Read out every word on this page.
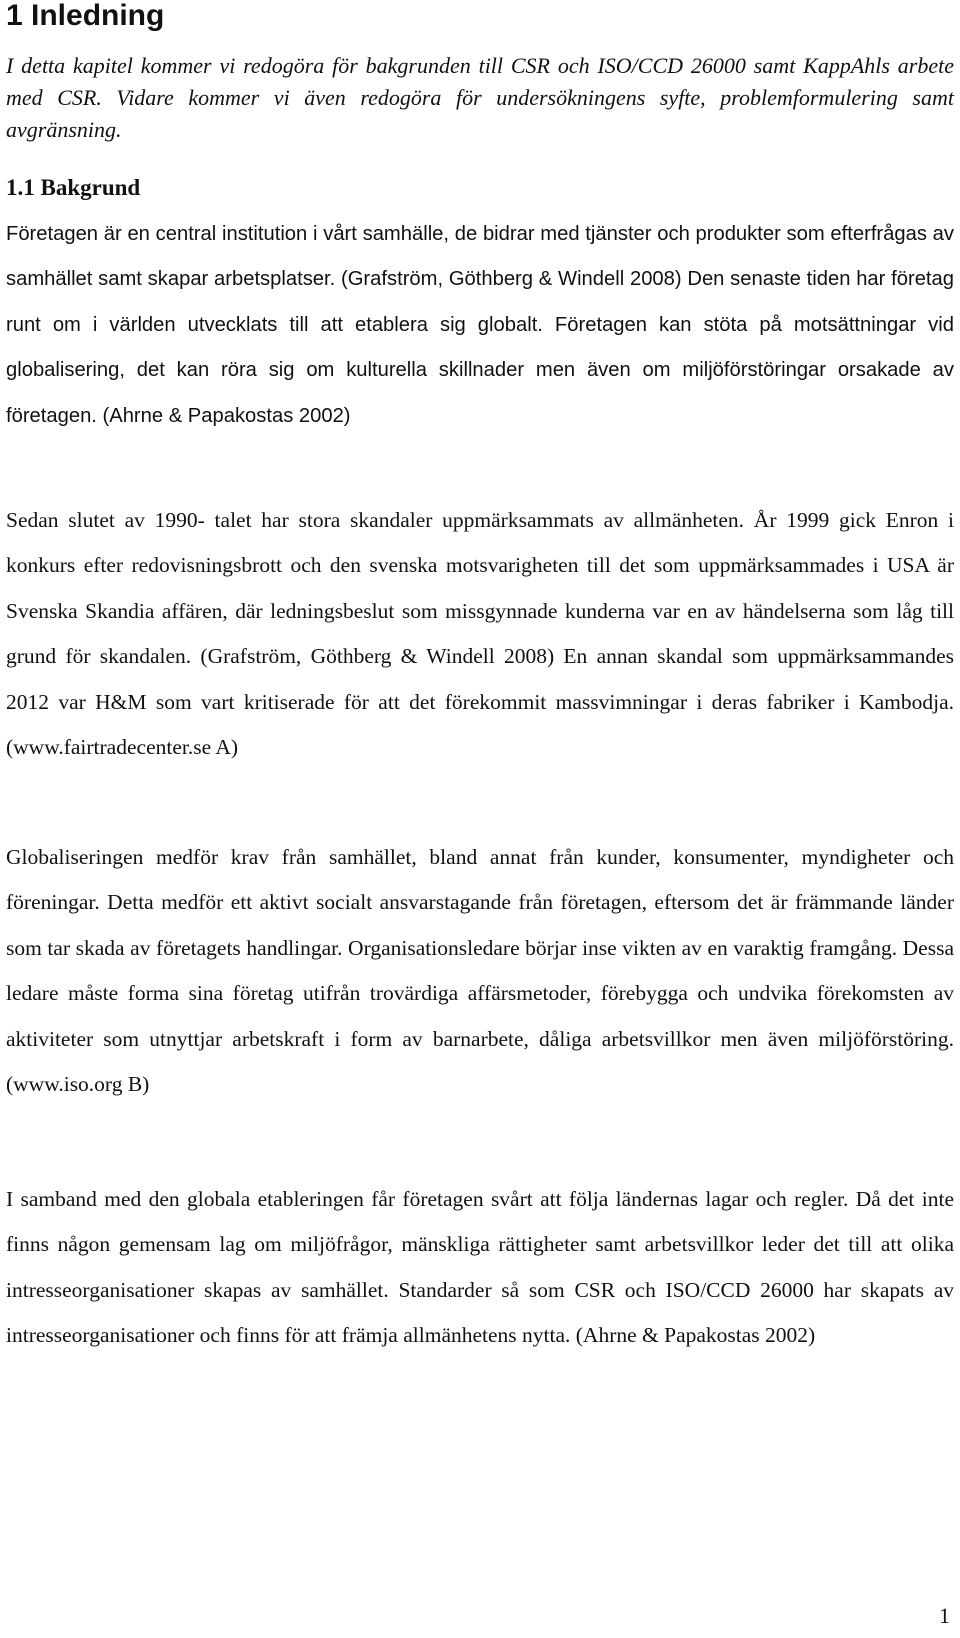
1 Inledning

I detta kapitel kommer vi redogöra för bakgrunden till CSR och ISO/CCD 26000 samt KappAhls arbete med CSR. Vidare kommer vi även redogöra för undersökningens syfte, problemformulering samt avgränsning.

1.1 Bakgrund

Företagen är en central institution i vårt samhälle, de bidrar med tjänster och produkter som efterfrågas av samhället samt skapar arbetsplatser. (Grafström, Göthberg & Windell 2008) Den senaste tiden har företag runt om i världen utvecklats till att etablera sig globalt. Företagen kan stöta på motsättningar vid globalisering, det kan röra sig om kulturella skillnader men även om miljöförstöringar orsakade av företagen. (Ahrne & Papakostas 2002)

Sedan slutet av 1990- talet har stora skandaler uppmärksammats av allmänheten. År 1999 gick Enron i konkurs efter redovisningsbrott och den svenska motsvarigheten till det som uppmärksammades i USA är Svenska Skandia affären, där ledningsbeslut som missgynnade kunderna var en av händelserna som låg till grund för skandalen. (Grafström, Göthberg & Windell 2008) En annan skandal som uppmärksammandes 2012 var H&M som vart kritiserade för att det förekommit massvimningar i deras fabriker i Kambodja. (www.fairtradecenter.se A)

Globaliseringen medför krav från samhället, bland annat från kunder, konsumenter, myndigheter och föreningar. Detta medför ett aktivt socialt ansvarstagande från företagen, eftersom det är främmande länder som tar skada av företagets handlingar. Organisationsledare börjar inse vikten av en varaktig framgång. Dessa ledare måste forma sina företag utifrån trovärdiga affärsmetoder, förebygga och undvika förekomsten av aktiviteter som utnyttjar arbetskraft i form av barnarbete, dåliga arbetsvillkor men även miljöförstöring. (www.iso.org B)

I samband med den globala etableringen får företagen svårt att följa ländernas lagar och regler. Då det inte finns någon gemensam lag om miljöfrågor, mänskliga rättigheter samt arbetsvillkor leder det till att olika intresseorganisationer skapas av samhället. Standarder så som CSR och ISO/CCD 26000 har skapats av intresseorganisationer och finns för att främja allmänhetens nytta. (Ahrne & Papakostas 2002)

1
